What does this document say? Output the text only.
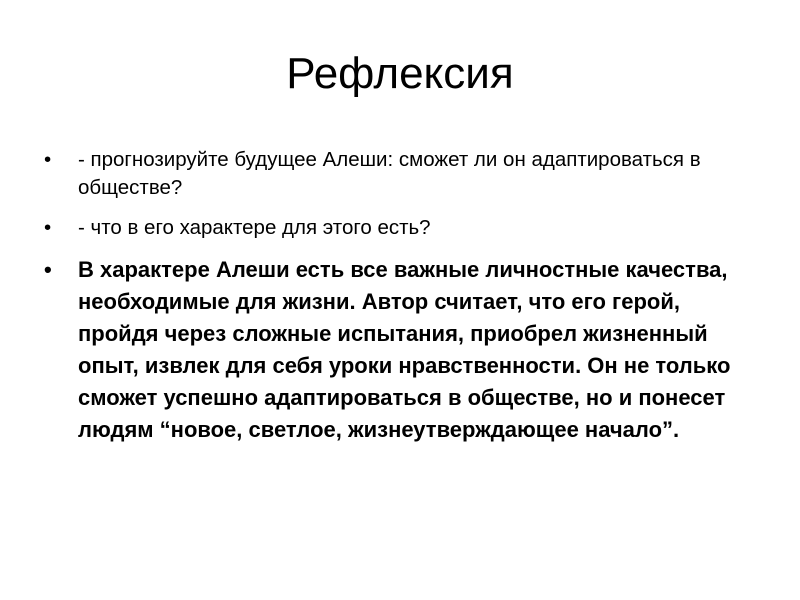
Рефлексия
•	- прогнозируйте будущее Алеши: сможет ли он адаптироваться в обществе?
•	- что в его характере для этого есть?
•	В характере Алеши есть все важные личностные качества, необходимые для жизни. Автор считает, что его герой, пройдя через сложные испытания, приобрел жизненный опыт, извлек для себя уроки нравственности. Он не только сможет успешно адаптироваться в обществе, но и понесет людям “новое, светлое, жизнеутверждающее начало”.
